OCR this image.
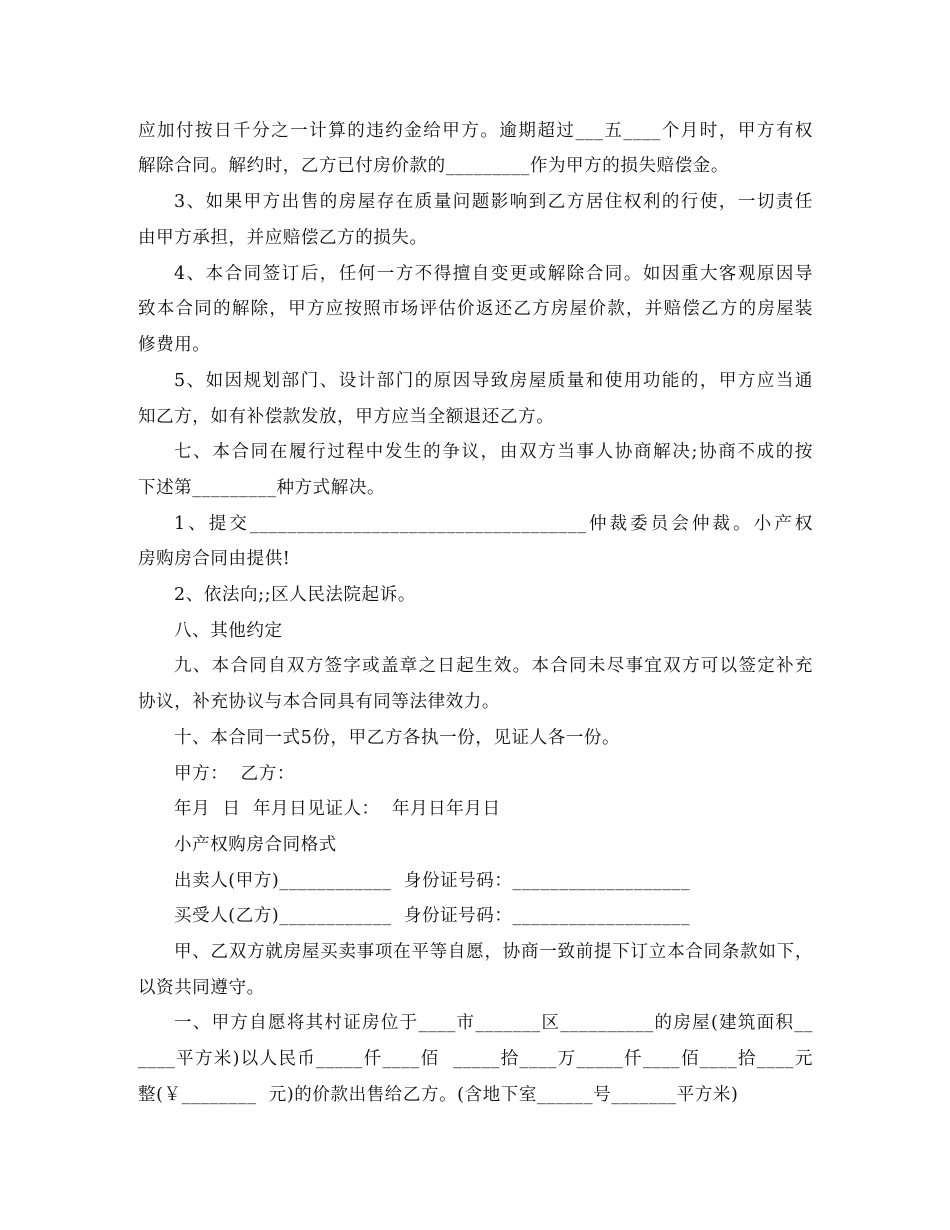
应加付按日千分之一计算的违约金给甲方。逾期超过___五____个月时，甲方有权
解除合同。解约时，乙方已付房价款的_________作为甲方的损失赔偿金。
3、如果甲方出售的房屋存在质量问题影响到乙方居住权利的行使，一切责任
由甲方承担，并应赔偿乙方的损失。
4、本合同签订后，任何一方不得擅自变更或解除合同。如因重大客观原因导
致本合同的解除，甲方应按照市场评估价返还乙方房屋价款，并赔偿乙方的房屋装
修费用。
5、如因规划部门、设计部门的原因导致房屋质量和使用功能的，甲方应当通
知乙方，如有补偿款发放，甲方应当全额退还乙方。
七、本合同在履行过程中发生的争议，由双方当事人协商解决;协商不成的按
下述第_________种方式解决。
1、提交____________________________________仲裁委员会仲裁。小产权
房购房合同由提供!
2、依法向;;区人民法院起诉。
八、其他约定
九、本合同自双方签字或盖章之日起生效。本合同未尽事宜双方可以签定补充
协议，补充协议与本合同具有同等法律效力。
十、本合同一式5份，甲乙方各执一份，见证人各一份。
甲方：  乙方：
年月  日  年月日见证人：  年月日年月日
小产权购房合同格式
出卖人(甲方)____________  身份证号码：___________________
买受人(乙方)____________  身份证号码：___________________
甲、乙双方就房屋买卖事项在平等自愿，协商一致前提下订立本合同条款如下，
以资共同遵守。
一、甲方自愿将其村证房位于____市_______区__________的房屋(建筑面积__
____平方米)以人民币_____仟____佰  _____拾____万_____仟____佰____拾____元
整(￥________  元)的价款出售给乙方。(含地下室______号_______平方米)
